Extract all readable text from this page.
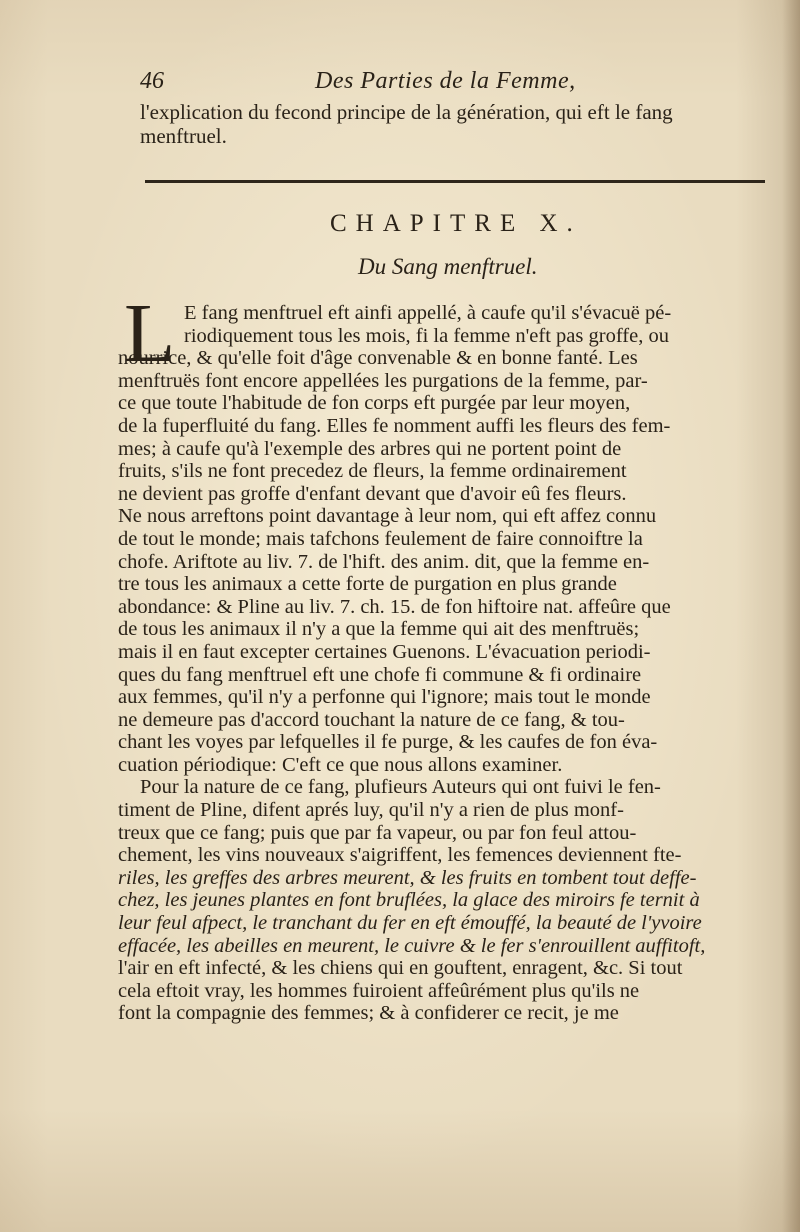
46	Des Parties de la Femme,
l'explication du fecond principe de la génération, qui eft le fang
menftruel.
CHAPITRE X.
Du Sang menftruel.
L E fang menftruel eft ainfi appellé, à caufe qu'il s'évacuë pé-
riodiquement tous les mois, fi la femme n'eft pas groffe, ou
nourrice, & qu'elle foit d'âge convenable & en bonne fanté. Les
menftruës font encore appellées les purgations de la femme, par-
ce que toute l'habitude de fon corps eft purgée par leur moyen,
de la fuperfluité du fang. Elles fe nomment auffi les fleurs des fem-
mes; à caufe qu'à l'exemple des arbres qui ne portent point de
fruits, s'ils ne font precedez de fleurs, la femme ordinairement
ne devient pas groffe d'enfant devant que d'avoir eû fes fleurs.
Ne nous arreftons point davantage à leur nom, qui eft affez connu
de tout le monde; mais tafchons feulement de faire connoiftre la
chofe. Ariftote au liv. 7. de l'hift. des anim. dit, que la femme en-
tre tous les animaux a cette forte de purgation en plus grande
abondance: & Pline au liv. 7. ch. 15. de fon hiftoire nat. affeûre que
de tous les animaux il n'y a que la femme qui ait des menftruës;
mais il en faut excepter certaines Guenons. L'évacuation periodi-
ques du fang menftruel eft une chofe fi commune & fi ordinaire
aux femmes, qu'il n'y a perfonne qui l'ignore; mais tout le monde
ne demeure pas d'accord touchant la nature de ce fang, & tou-
chant les voyes par lefquelles il fe purge, & les caufes de fon éva-
cuation périodique: C'eft ce que nous allons examiner.
Pour la nature de ce fang, plufieurs Auteurs qui ont fuivi le fen-
timent de Pline, difent aprés luy, qu'il n'y a rien de plus monf-
treux que ce fang; puis que par fa vapeur, ou par fon feul attou-
chement, les vins nouveaux s'aigriffent, les femences deviennent fte-
riles, les greffes des arbres meurent, & les fruits en tombent tout deffe-
chez, les jeunes plantes en font bruflées, la glace des miroirs fe ternit à
leur feul afpect, le tranchant du fer en eft émouffé, la beauté de l'yvoire
effacée, les abeilles en meurent, le cuivre & le fer s'enrouillent auffitoft,
l'air en eft infecté, & les chiens qui en gouftent, enragent, &c. Si tout
cela eftoit vray, les hommes fuiroient affeûrément plus qu'ils ne
font la compagnie des femmes; & à confiderer ce recit, je me
